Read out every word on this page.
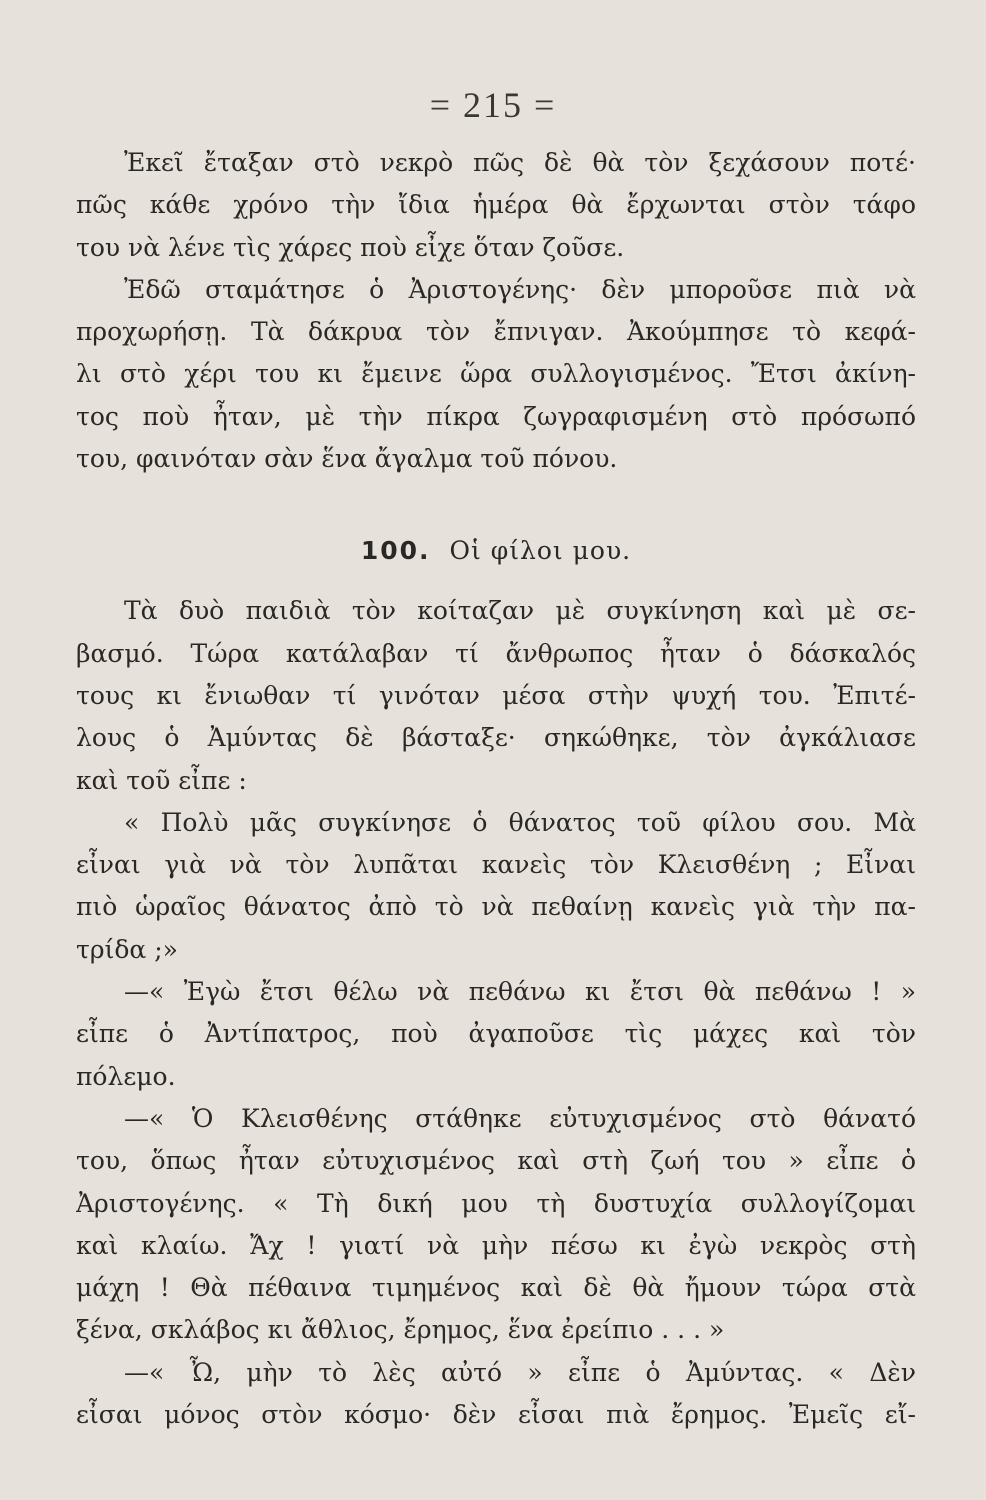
= 215 =
Ἐκεῖ ἔταξαν στὸ νεκρὸ πῶς δὲ θὰ τὸν ξεχάσουν ποτέ·
πῶς κάθε χρόνο τὴν ἴδια ἡμέρα θὰ ἔρχωνται στὸν τάφο
του νὰ λένε τὶς χάρες ποὺ εἶχε ὅταν ζοῦσε.
Ἐδῶ σταμάτησε ὁ Ἀριστογένης· δὲν μποροῦσε πιὰ νὰ
προχωρήσῃ. Τὰ δάκρυα τὸν ἔπνιγαν. Ἀκούμπησε τὸ κεφά-
λι στὸ χέρι του κι ἔμεινε ὥρα συλλογισμένος. Ἔτσι ἀκίνη-
τος ποὺ ἦταν, μὲ τὴν πίκρα ζωγραφισμένη στὸ πρόσωπό
του, φαινόταν σὰν ἕνα ἄγαλμα τοῦ πόνου.
100. Οἱ φίλοι μου.
Τὰ δυὸ παιδιὰ τὸν κοίταζαν μὲ συγκίνηση καὶ μὲ σε-
βασμό. Τώρα κατάλαβαν τί ἄνθρωπος ἦταν ὁ δάσκαλός
τους κι ἔνιωθαν τί γινόταν μέσα στὴν ψυχή του. Ἐπιτέ-
λους ὁ Ἀμύντας δὲ βάσταξε· σηκώθηκε, τὸν ἀγκάλιασε
καὶ τοῦ εἶπε :
« Πολὺ μᾶς συγκίνησε ὁ θάνατος τοῦ φίλου σου. Μὰ
εἶναι γιὰ νὰ τὸν λυπᾶται κανεὶς τὸν Κλεισθένη ; Εἶναι
πιὸ ὡραῖος θάνατος ἀπὸ τὸ νὰ πεθαίνῃ κανεὶς γιὰ τὴν πα-
τρίδα ;»
—« Ἐγὼ ἔτσι θέλω νὰ πεθάνω κι ἔτσι θὰ πεθάνω ! »
εἶπε ὁ Ἀντίπατρος, ποὺ ἀγαποῦσε τὶς μάχες καὶ τὸν
πόλεμο.
—« Ὁ Κλεισθένης στάθηκε εὐτυχισμένος στὸ θάνατό
του, ὅπως ἦταν εὐτυχισμένος καὶ στὴ ζωή του » εἶπε ὁ
Ἀριστογένης. « Τὴ δική μου τὴ δυστυχία συλλογίζομαι
καὶ κλαίω. Ἄχ ! γιατί νὰ μὴν πέσω κι ἐγὼ νεκρὸς στὴ
μάχη ! Θὰ πέθαινα τιμημένος καὶ δὲ θὰ ἤμουν τώρα στὰ
ξένα, σκλάβος κι ἄθλιος, ἔρημος, ἕνα ἐρείπιο . . . »
—« Ὦ, μὴν τὸ λὲς αὐτό » εἶπε ὁ Ἀμύντας. « Δὲν
εἶσαι μόνος στὸν κόσμο· δὲν εἶσαι πιὰ ἔρημος. Ἐμεῖς εἴ-
